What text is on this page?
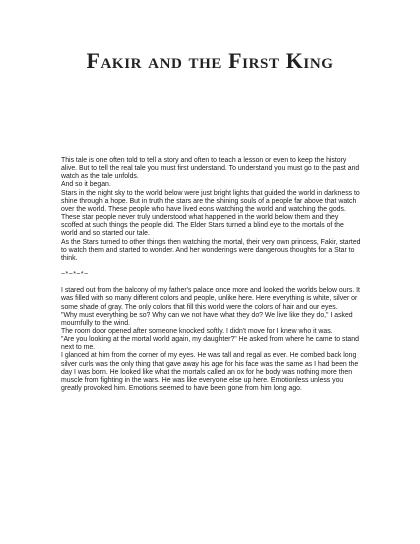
Fakir and the First King

This tale is one often told to tell a story and often to teach a lesson or even to keep the history alive. But to tell the real tale you must first understand. To understand you must go to the past and watch as the tale unfolds.

And so it began.

Stars in the night sky to the world below were just bright lights that guided the world in darkness to shine through a hope. But in truth the stars are the shining souls of a people far above that watch over the world. These people who have lived eons watching the world and watching the gods.

These star people never truly understood what happened in the world below them and they scoffed at such things the people did. The Elder Stars turned a blind eye to the mortals of the world and so started our tale.

As the Stars turned to other things then watching the mortal, their very own princess, Fakir, started to watch them and started to wonder. And her wonderings were dangerous thoughts for a Star to think.

~*~*~*~

I stared out from the balcony of my father's palace once more and looked the worlds below ours. It was filled with so many different colors and people, unlike here. Here everything is white, silver or some shade of gray. The only colors that fill this world were the colors of hair and our eyes.

"Why must everything be so? Why can we not have what they do? We live like they do," I asked mournfully to the wind.

The room door opened after someone knocked softly. I didn't move for I knew who it was.

"Are you looking at the mortal world again, my daughter?" He asked from where he came to stand next to me.

I glanced at him from the corner of my eyes. He was tall and regal as ever. He combed back long silver curls was the only thing that gave away his age for his face was the same as I had been the day I was born. He looked like what the mortals called an ox for he body was nothing more then muscle from fighting in the wars. He was like everyone else up here. Emotionless unless you greatly provoked him. Emotions seemed to have been gone from him long ago.
